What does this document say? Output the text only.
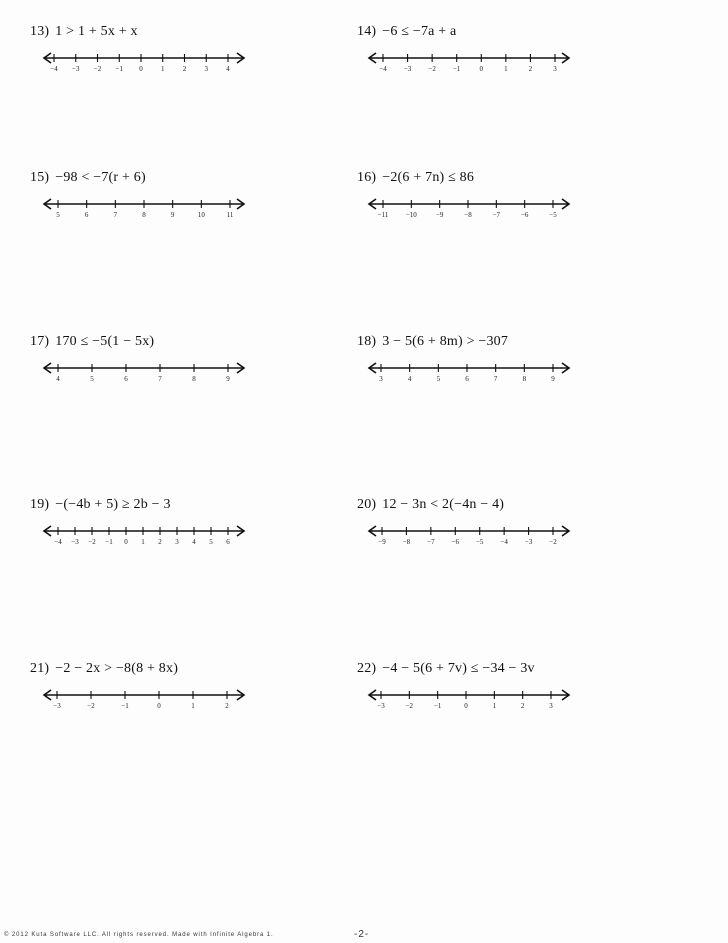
13) 1 > 1 + 5x + x
−4 −3 −2 −1 0	1	2	3	4
14) −6 ≤ −7a + a
−4 −3 −2 −1	0	1	2	3
15) −98 < −7(r + 6)
5	6	7	8	9	10	11
16) −2(6 + 7n) ≤ 86
−11	−10	−9	−8	−7	−6	−5
17) 170 ≤ −5(1 − 5x)
4	5	6	7	8	9
18) 3 − 5(6 + 8m) > −307
3	4	5	6	7	8	9
19) −(−4b + 5) ≥ 2b − 3
−4 −3 −2 −1 0 1 2 3 4 5 6
20) 12 − 3n < 2(−4n − 4)
−9 −8 −7 −6 −5 −4 −3 −2
21) −2 − 2x > −8(8 + 8x)
−3	−2	−1	0	1	2
22) −4 − 5(6 + 7v) ≤ −34 − 3v
−3	−2	−1	0	1	2	3
© 2012 Kuta Software LLC. All rights reserved. Made with Infinite Algebra 1.	-2-
